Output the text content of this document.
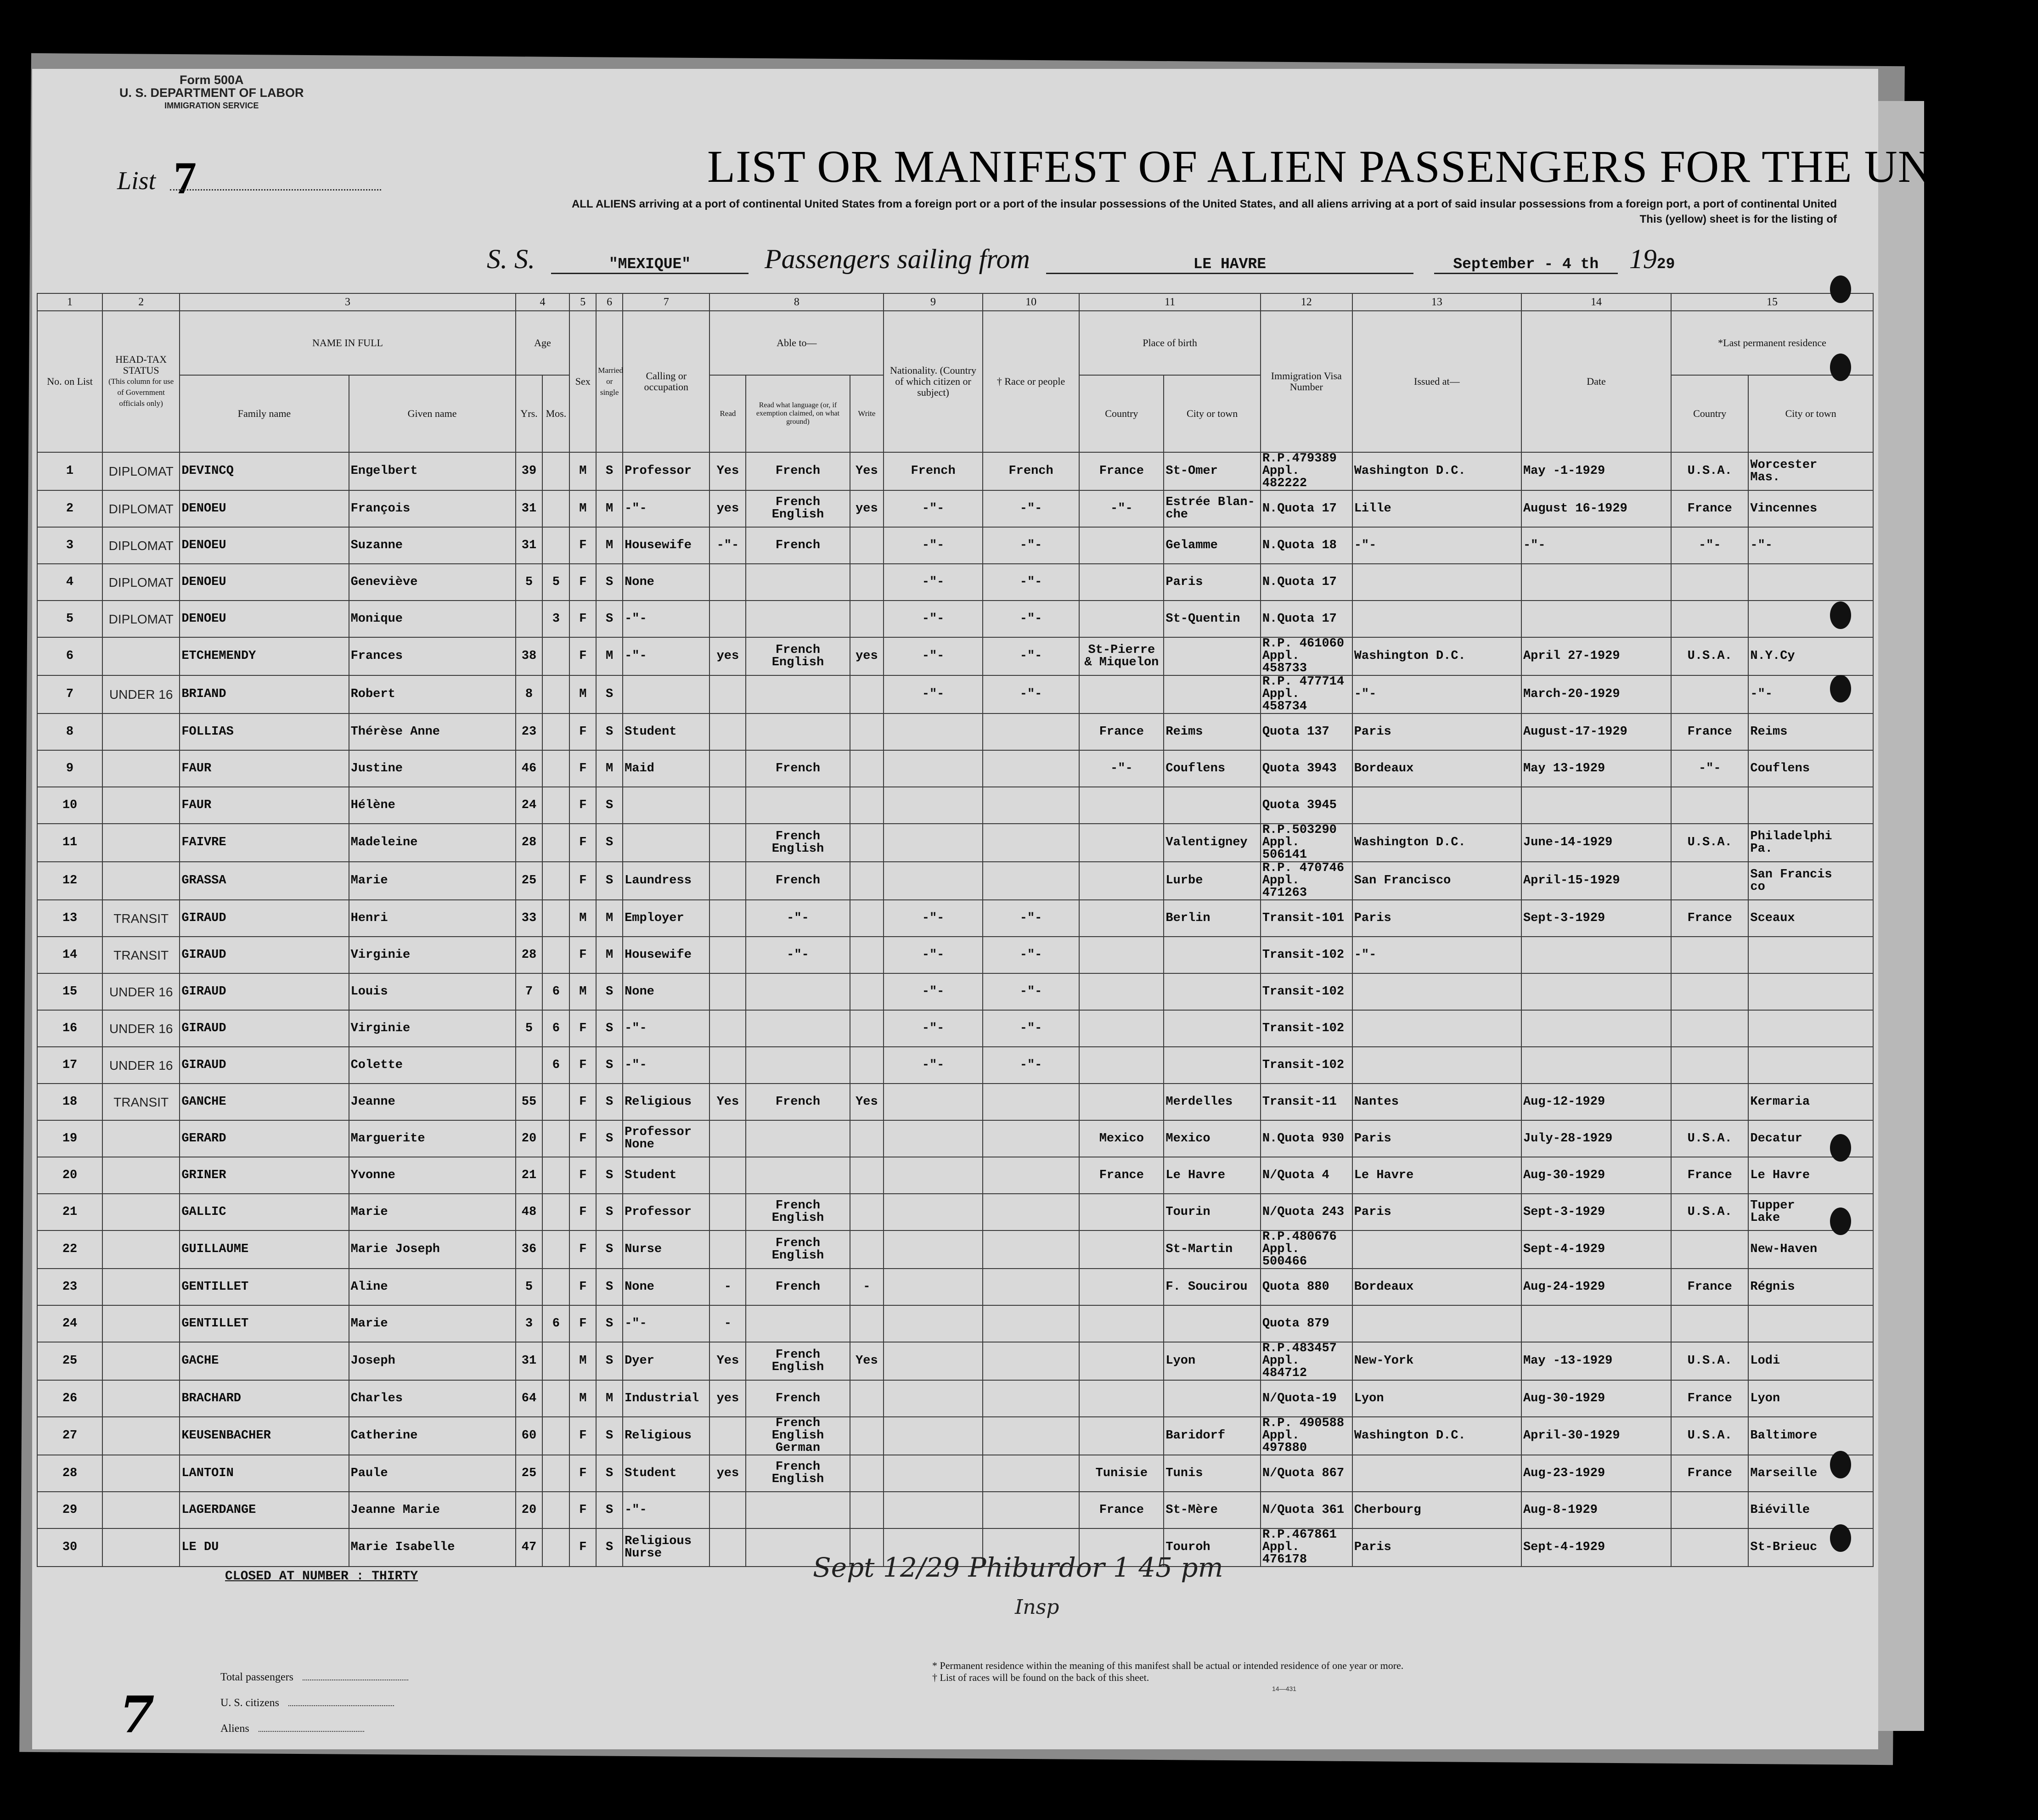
Form 500A
U. S. DEPARTMENT OF LABOR
IMMIGRATION SERVICE
List 7	LIST OR MANIFEST OF ALIEN PASSENGERS FOR THE UNITED
ALL ALIENS arriving at a port of continental United States from a foreign port or a port of the insular possessions of the United States, and all aliens arriving at a port of said insular possessions from a foreign port, a port of continental United
This (yellow) sheet is for the listing of
S. S.	"MEXIQUE"	Passengers sailing from	LE HAVRE	September - 4 th 1929
1	2	3		4		5	6	7	8			9	10	11		12	13	14	15	
No. on List	HEAD-TAX STATUS
(This column for use of Government officials only)	NAME IN FULL		Age		Sex	Married or single	Calling or occupation	Able to—			Nationality. (Country of which citizen or subject)	† Race or people	Place of birth		Immigration Visa Number	Issued at—	Date	*Last permanent residence	
		Family name	Given name	Yrs.	Mos.				Read	Read what language (or, if exemption claimed, on what ground)	Write			Country	City or town				Country	City or town
1	DIPLOMAT	DEVINCQ	Engelbert	39		M	S	Professor	Yes	French	Yes	French	French	France	St-Omer	R.P.479389
Appl. 482222	Washington D.C.	May -1-1929	U.S.A.	Worcester
Mas.
2	DIPLOMAT	DENOEU	François	31		M	M	-"-	yes	French
English	yes	-"-	-"-	-"-	Estrée Blan-
che	N.Quota 17	Lille	August 16-1929	France	Vincennes
3	DIPLOMAT	DENOEU	Suzanne	31		F	M	Housewife	-"-	French		-"-	-"-		Gelamme	N.Quota 18	-"-	-"-	-"-	-"-
4	DIPLOMAT	DENOEU	Geneviève	5	5	F	S	None				-"-	-"-		Paris	N.Quota 17				
5	DIPLOMAT	DENOEU	Monique		3	F	S	-"-				-"-	-"-		St-Quentin	N.Quota 17				
6		ETCHEMENDY	Frances	38		F	M	-"-	yes	French
English	yes	-"-	-"-	St-Pierre & Miquelon		R.P. 461060
Appl. 458733	Washington D.C.	April 27-1929	U.S.A.	N.Y.Cy
7	UNDER 16	BRIAND	Robert	8		M	S					-"-	-"-			R.P. 477714
Appl. 458734	-"-	March-20-1929		-"-
8		FOLLIAS	Thérèse Anne	23		F	S	Student						France	Reims	Quota 137	Paris	August-17-1929	France	Reims
9		FAUR	Justine	46		F	M	Maid		French				-"-	Couflens	Quota 3943	Bordeaux	May 13-1929	-"-	Couflens
10		FAUR	Hélène	24		F	S									Quota 3945				
11		FAIVRE	Madeleine	28		F	S			French
English					Valentigney	R.P.503290
Appl. 506141	Washington D.C.	June-14-1929	U.S.A.	Philadelphi
Pa.
12		GRASSA	Marie	25		F	S	Laundress		French					Lurbe	R.P. 470746
Appl. 471263	San Francisco	April-15-1929		San Francis
co
13	TRANSIT	GIRAUD	Henri	33		M	M	Employer		-"-		-"-	-"-		Berlin	Transit-101	Paris	Sept-3-1929	France	Sceaux
14	TRANSIT	GIRAUD	Virginie	28		F	M	Housewife		-"-		-"-	-"-			Transit-102	-"-			
15	UNDER 16	GIRAUD	Louis	7	6	M	S	None				-"-	-"-			Transit-102				
16	UNDER 16	GIRAUD	Virginie	5	6	F	S	-"-				-"-	-"-			Transit-102				
17	UNDER 16	GIRAUD	Colette		6	F	S	-"-				-"-	-"-			Transit-102				
18	TRANSIT	GANCHE	Jeanne	55		F	S	Religious	Yes	French	Yes				Merdelles	Transit-11	Nantes	Aug-12-1929		Kermaria
19		GERARD	Marguerite	20		F	S	Professor
None						Mexico	Mexico	N.Quota 930	Paris	July-28-1929	U.S.A.	Decatur
20		GRINER	Yvonne	21		F	S	Student						France	Le Havre	N/Quota 4	Le Havre	Aug-30-1929	France	Le Havre
21		GALLIC	Marie	48		F	S	Professor		French
English					Tourin	N/Quota 243	Paris	Sept-3-1929	U.S.A.	Tupper
Lake
22		GUILLAUME	Marie Joseph	36		F	S	Nurse		French
English					St-Martin	R.P.480676
Appl. 500466		Sept-4-1929		New-Haven
23		GENTILLET	Aline	5		F	S	None	-	French	-				F. Soucirou	Quota 880	Bordeaux	Aug-24-1929	France	Régnis
24		GENTILLET	Marie	3	6	F	S	-"-	-							Quota 879				
25		GACHE	Joseph	31		M	S	Dyer	Yes	French
English	Yes				Lyon	R.P.483457
Appl. 484712	New-York	May -13-1929	U.S.A.	Lodi
26		BRACHARD	Charles	64		M	M	Industrial	yes	French						N/Quota-19	Lyon	Aug-30-1929	France	Lyon
27		KEUSENBACHER	Catherine	60		F	S	Religious		French
English
German					Baridorf	R.P. 490588
Appl. 497880	Washington D.C.	April-30-1929	U.S.A.	Baltimore
28		LANTOIN	Paule	25		F	S	Student	yes	French
English				Tunisie	Tunis	N/Quota 867		Aug-23-1929	France	Marseille
29		LAGERDANGE	Jeanne Marie	20		F	S	-"-						France	St-Mère	N/Quota 361	Cherbourg	Aug-8-1929		Biéville
30		LE DU	Marie Isabelle	47		F	S	Religious
Nurse							Touroh	R.P.467861
Appl. 476178	Paris	Sept-4-1929		St-Brieuc
CLOSED AT NUMBER : THIRTY	Sept 12/29 Phiburdor 1 45 pm
Insp
7
Total passengers
U. S. citizens
Aliens
* Permanent residence within the meaning of this manifest shall be actual or intended residence of one year or more.
† List of races will be found on the back of this sheet.
14—431
